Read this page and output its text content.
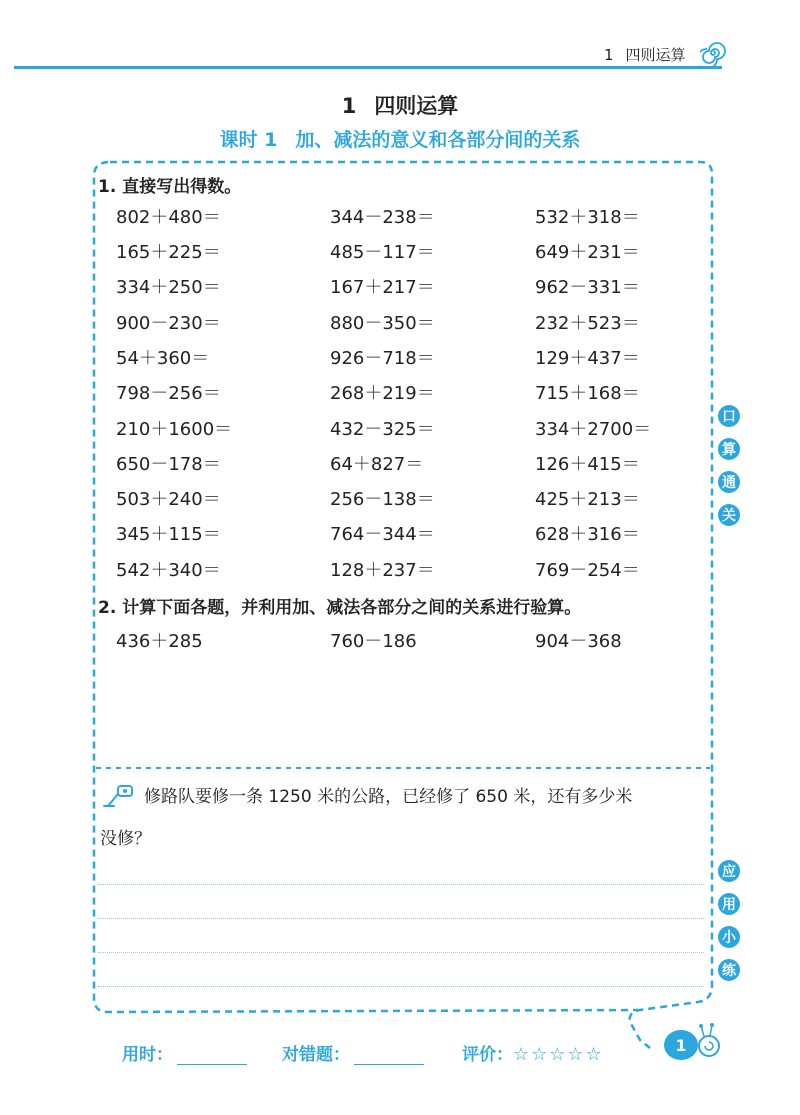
1 四则运算
1 四则运算
课时 1 加、减法的意义和各部分间的关系
1. 直接写出得数。
802＋480＝	344－238＝	532＋318＝
165＋225＝	485－117＝	649＋231＝
334＋250＝	167＋217＝	962－331＝
900－230＝	880－350＝	232＋523＝
54＋360＝	926－718＝	129＋437＝
798－256＝	268＋219＝	715＋168＝
210＋1600＝	432－325＝	334＋2700＝
650－178＝	64＋827＝	126＋415＝
503＋240＝	256－138＝	425＋213＝
345＋115＝	764－344＝	628＋316＝
542＋340＝	128＋237＝	769－254＝
2. 计算下面各题，并利用加、减法各部分之间的关系进行验算。
436＋285	760－186	904－368
口
算
通
关
应
用
小
练
修路队要修一条 1250 米的公路，已经修了 650 米，还有多少米
没修？
用时：	对错题：	评价：☆☆☆☆☆	1
